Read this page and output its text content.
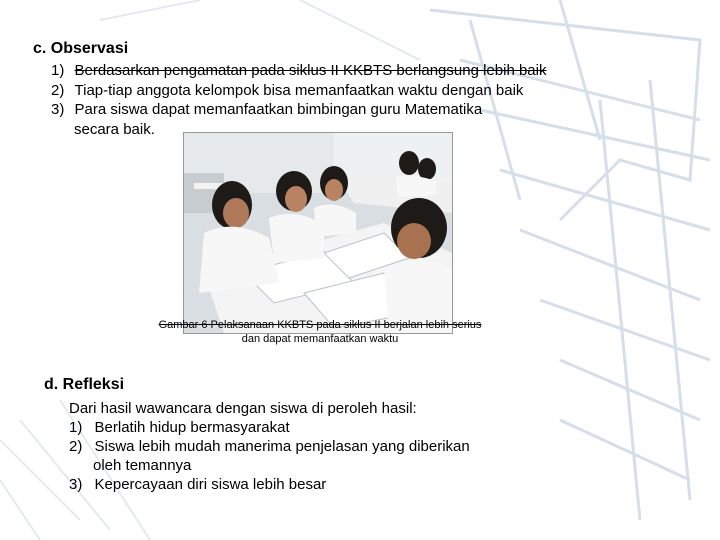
c. Observasi
1) Berdasarkan pengamatan pada siklus II KKBTS berlangsung lebih baik
2) Tiap-tiap anggota kelompok bisa memanfaatkan waktu dengan baik
3) Para siswa dapat memanfaatkan bimbingan guru Matematika
secara baik.
Gambar 6 Pelaksanaan KKBTS pada siklus II berjalan lebih serius
dan dapat memanfaatkan waktu
d. Refleksi
Dari hasil wawancara dengan siswa di peroleh hasil:
1) Berlatih hidup bermasyarakat
2) Siswa lebih mudah manerima penjelasan yang diberikan
oleh temannya
3) Kepercayaan diri siswa lebih besar
